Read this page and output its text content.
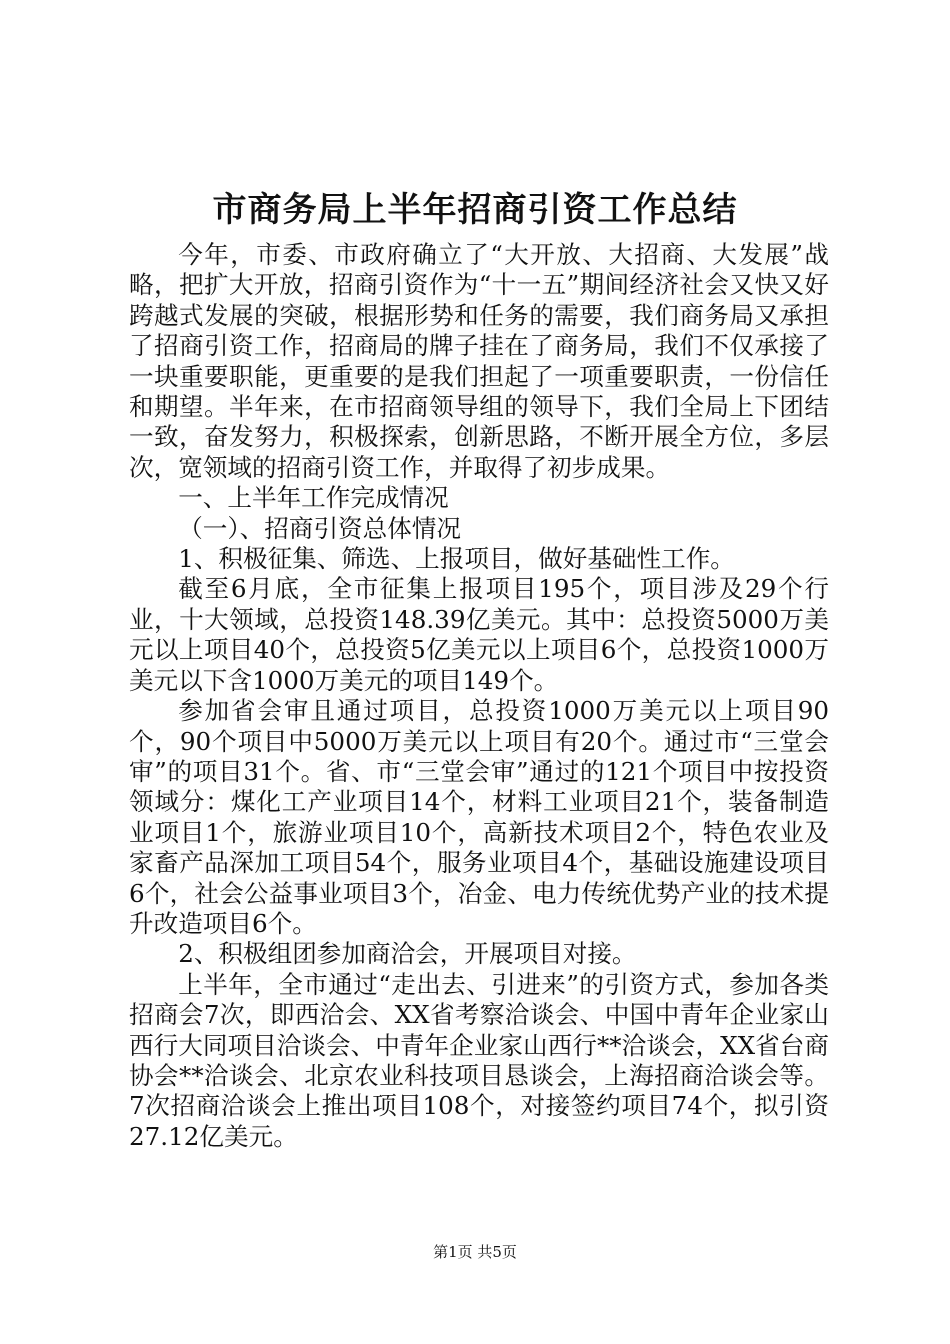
市商务局上半年招商引资工作总结

今年，市委、市政府确立了“大开放、大招商、大发展”战略，把扩大开放，招商引资作为“十一五”期间经济社会又快又好跨越式发展的突破，根据形势和任务的需要，我们商务局又承担了招商引资工作，招商局的牌子挂在了商务局，我们不仅承接了一块重要职能，更重要的是我们担起了一项重要职责，一份信任和期望。半年来，在市招商领导组的领导下，我们全局上下团结一致，奋发努力，积极探索，创新思路，不断开展全方位，多层次，宽领域的招商引资工作，并取得了初步成果。

一、上半年工作完成情况

（一）、招商引资总体情况

1、积极征集、筛选、上报项目，做好基础性工作。

截至6月底，全市征集上报项目195个，项目涉及29个行业，十大领域，总投资148.39亿美元。其中：总投资5000万美元以上项目40个，总投资5亿美元以上项目6个，总投资1000万美元以下含1000万美元的项目149个。

参加省会审且通过项目，总投资1000万美元以上项目90个，90个项目中5000万美元以上项目有20个。通过市“三堂会审”的项目31个。省、市“三堂会审”通过的121个项目中按投资领域分：煤化工产业项目14个，材料工业项目21个，装备制造业项目1个，旅游业项目10个，高新技术项目2个，特色农业及家畜产品深加工项目54个，服务业项目4个，基础设施建设项目6个，社会公益事业项目3个，冶金、电力传统优势产业的技术提升改造项目6个。

2、积极组团参加商洽会，开展项目对接。

上半年，全市通过“走出去、引进来”的引资方式，参加各类招商会7次，即西洽会、XX省考察洽谈会、中国中青年企业家山西行大同项目洽谈会、中青年企业家山西行**洽谈会，XX省台商协会**洽谈会、北京农业科技项目恳谈会，上海招商洽谈会等。7次招商洽谈会上推出项目108个，对接签约项目74个，拟引资27.12亿美元。

第1页 共5页
